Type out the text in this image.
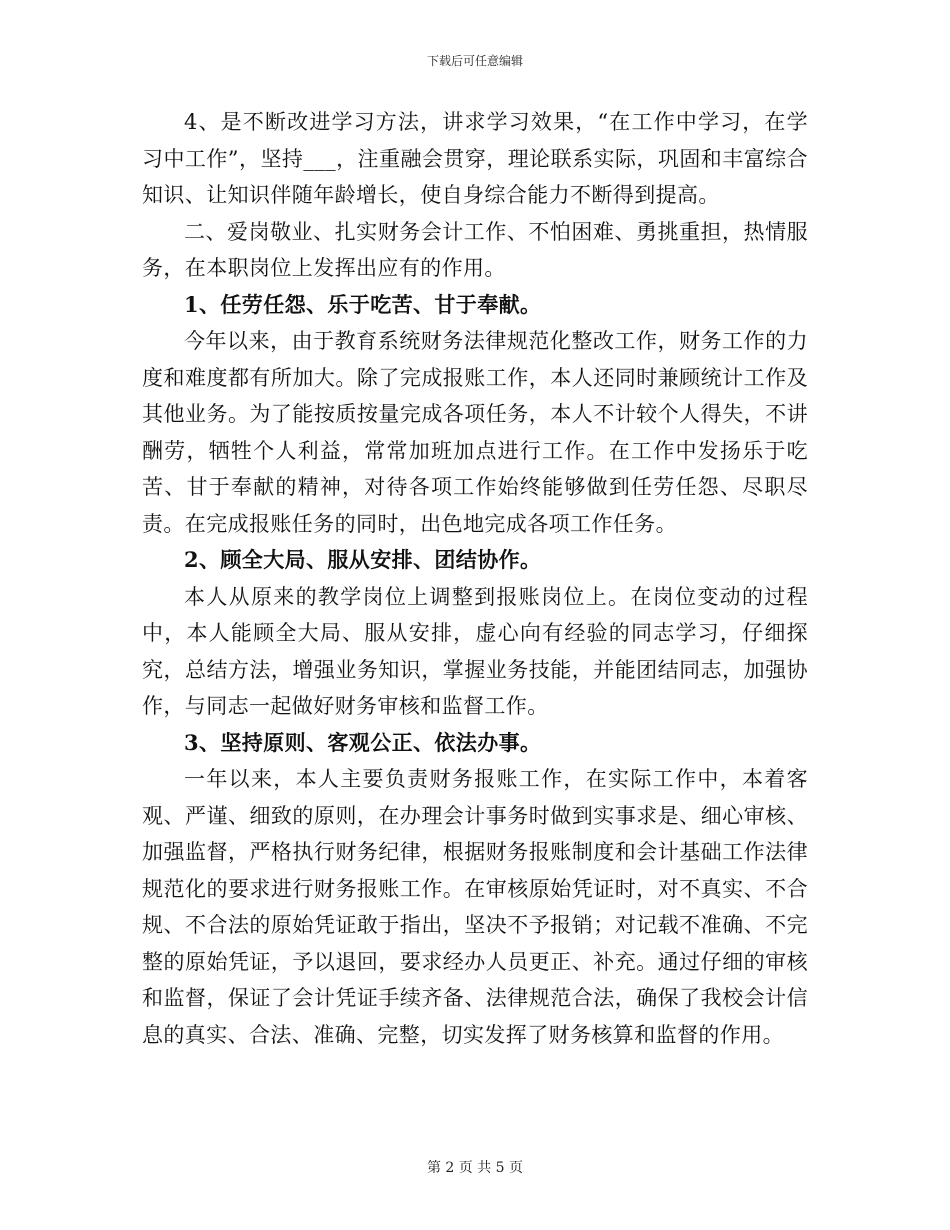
下载后可任意编辑

4、是不断改进学习方法，讲求学习效果，“在工作中学习，在学习中工作”，坚持___，注重融会贯穿，理论联系实际，巩固和丰富综合知识、让知识伴随年龄增长，使自身综合能力不断得到提高。

二、爱岗敬业、扎实财务会计工作、不怕困难、勇挑重担，热情服务，在本职岗位上发挥出应有的作用。

1、任劳任怨、乐于吃苦、甘于奉献。

今年以来，由于教育系统财务法律规范化整改工作，财务工作的力度和难度都有所加大。除了完成报账工作，本人还同时兼顾统计工作及其他业务。为了能按质按量完成各项任务，本人不计较个人得失，不讲酬劳，牺牲个人利益，常常加班加点进行工作。在工作中发扬乐于吃苦、甘于奉献的精神，对待各项工作始终能够做到任劳任怨、尽职尽责。在完成报账任务的同时，出色地完成各项工作任务。

2、顾全大局、服从安排、团结协作。

本人从原来的教学岗位上调整到报账岗位上。在岗位变动的过程中，本人能顾全大局、服从安排，虚心向有经验的同志学习，仔细探究，总结方法，增强业务知识，掌握业务技能，并能团结同志，加强协作，与同志一起做好财务审核和监督工作。

3、坚持原则、客观公正、依法办事。

一年以来，本人主要负责财务报账工作，在实际工作中，本着客观、严谨、细致的原则，在办理会计事务时做到实事求是、细心审核、加强监督，严格执行财务纪律，根据财务报账制度和会计基础工作法律规范化的要求进行财务报账工作。在审核原始凭证时，对不真实、不合规、不合法的原始凭证敢于指出，坚决不予报销；对记载不准确、不完整的原始凭证，予以退回，要求经办人员更正、补充。通过仔细的审核和监督，保证了会计凭证手续齐备、法律规范合法，确保了我校会计信息的真实、合法、准确、完整，切实发挥了财务核算和监督的作用。

第 2 页 共 5 页
